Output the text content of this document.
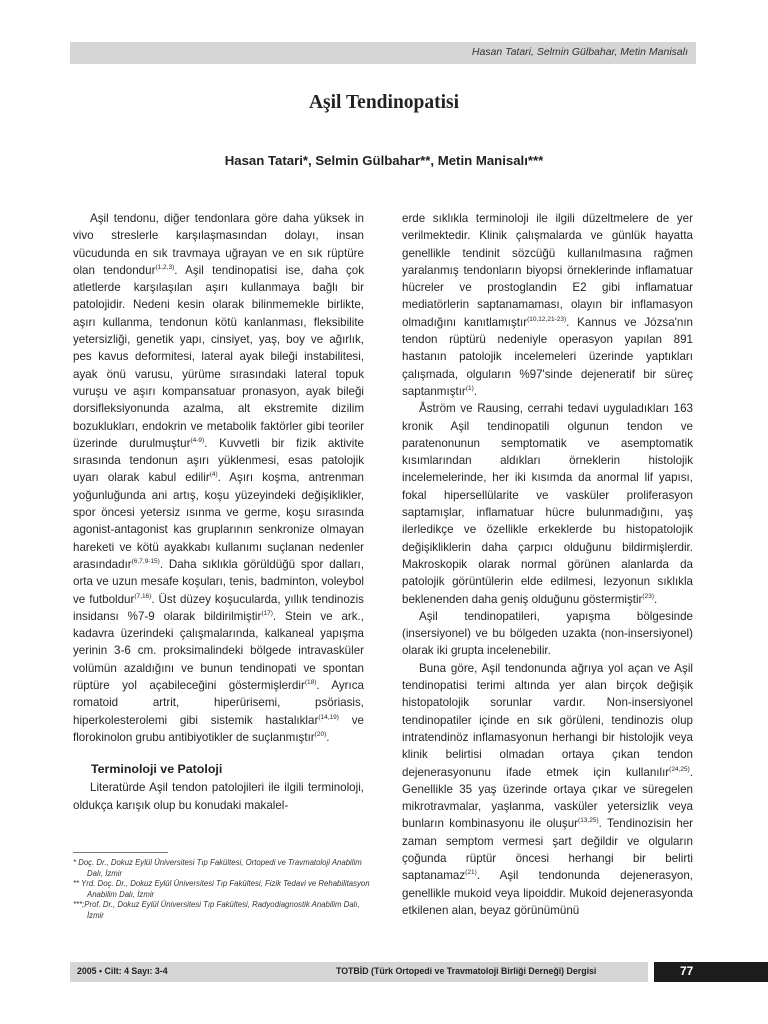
Hasan Tatari, Selmin Gülbahar, Metin Manisalı
Aşil Tendinopatisi
Hasan Tatari*, Selmin Gülbahar**, Metin Manisalı***

Aşil tendonu, diğer tendonlara göre daha yüksek in vivo streslerle karşılaşmasından dolayı, insan vücudunda en sık travmaya uğrayan ve en sık rüptüre olan tendondur$^{(1,2,3)}$. Aşil tendinopatisi ise, daha çok atletlerde karşılaşılan aşırı kullanmaya bağlı bir patolojidir. Nedeni kesin olarak bilinmemekle birlikte, aşırı kullanma, tendonun kötü kanlanması, fleksibilite yetersizliği, genetik yapı, cinsiyet, yaş, boy ve ağırlık, pes kavus deformitesi, lateral ayak bileği instabilitesi, ayak önü varusu, yürüme sırasındaki lateral topuk vuruşu ve aşırı kompansatuar pronasyon, ayak bileği dorsifleksiyonunda azalma, alt ekstremite dizilim bozuklukları, endokrin ve metabolik faktörler gibi teoriler üzerinde durulmuştur$^{(4-9)}$. Kuvvetli bir fizik aktivite sırasında tendonun aşırı yüklenmesi, esas patolojik uyarı olarak kabul edilir$^{(4)}$. Aşırı koşma, antrenman yoğunluğunda ani artış, koşu yüzeyindeki değişiklikler, spor öncesi yetersiz ısınma ve germe, koşu sırasında agonist-antagonist kas gruplarının senkronize olmayan hareketi ve kötü ayakkabı kullanımı suçlanan nedenler arasındadır$^{(6,7,9-15)}$. Daha sıklıkla görüldüğü spor dalları, orta ve uzun mesafe koşuları, tenis, badminton, voleybol ve futboldur$^{(7,16)}$. Üst düzey koşucularda, yıllık tendinozis insidansı %7-9 olarak bildirilmiştir$^{(17)}$. Stein ve ark., kadavra üzerindeki çalışmalarında, kalkaneal yapışma yerinin 3-6 cm. proksimalindeki bölgede intravasküler volümün azaldığını ve bunun tendinopati ve spontan rüptüre yol açabileceğini göstermişlerdir$^{(18)}$. Ayrıca romatoid artrit, hiperürisemi, psöriasis, hiperkolesterolemi gibi sistemik hastalıklar$^{(14,19)}$ ve florokinolon grubu antibiyotikler de suçlanmıştır$^{(20)}$.

Terminoloji ve Patoloji

Literatürde Aşil tendon patolojileri ile ilgili terminoloji, oldukça karışık olup bu konudaki makalel-

erde sıklıkla terminoloji ile ilgili düzeltmelere de yer verilmektedir. Klinik çalışmalarda ve günlük hayatta genellikle tendinit sözcüğü kullanılmasına rağmen yaralanmış tendonların biyopsi örneklerinde inflamatuar hücreler ve prostoglandin E2 gibi inflamatuar mediatörlerin saptanamaması, olayın bir inflamasyon olmadığını kanıtlamıştır$^{(10,12,21-23)}$. Kannus ve Józsa'nın tendon rüptürü nedeniyle operasyon yapılan 891 hastanın patolojik incelemeleri üzerinde yaptıkları çalışmada, olguların %97'sinde dejeneratif bir süreç saptanmıştır$^{(1)}$.

Åström ve Rausing, cerrahi tedavi uyguladıkları 163 kronik Aşil tendinopatili olgunun tendon ve paratenonunun semptomatik ve asemptomatik kısımlarından aldıkları örneklerin histolojik incelemelerinde, her iki kısımda da anormal lif yapısı, fokal hipersellülarite ve vasküler proliferasyon saptamışlar, inflamatuar hücre bulunmadığını, yaş ilerledikçe ve özellikle erkeklerde bu histopatolojik değişikliklerin daha çarpıcı olduğunu bildirmişlerdir. Makroskopik olarak normal görünen alanlarda da patolojik görüntülerin elde edilmesi, lezyonun sıklıkla beklenenden daha geniş olduğunu göstermiştir$^{(23)}$.

Aşil tendinopatileri, yapışma bölgesinde (insersiyonel) ve bu bölgeden uzakta (non-insersiyonel) olarak iki grupta incelenebilir.

Buna göre, Aşil tendonunda ağrıya yol açan ve Aşil tendinopatisi terimi altında yer alan birçok değişik histopatolojik sorunlar vardır. Non-insersiyonel tendinopatiler içinde en sık görüleni, tendinozis olup intratendinöz inflamasyonun herhangi bir histolojik veya klinik belirtisi olmadan ortaya çıkan tendon dejenerasyonunu ifade etmek için kullanılır$^{(24,25)}$. Genellikle 35 yaş üzerinde ortaya çıkar ve süregelen mikrotravmalar, yaşlanma, vasküler yetersizlik veya bunların kombinasyonu ile oluşur$^{(13,25)}$. Tendinozisin her zaman semptom vermesi şart değildir ve olguların çoğunda rüptür öncesi herhangi bir belirti saptanamaz$^{(21)}$. Aşil tendonunda dejenerasyon, genellikle mukoid veya lipoiddir. Mukoid dejenerasyonda etkilenen alan, beyaz görünümünü

* Doç. Dr., Dokuz Eylül Üniversitesi Tıp Fakültesi, Ortopedi ve Travmatoloji Anabilim Dalı, İzmir
** Yrd. Doç. Dr., Dokuz Eylül Üniversitesi Tıp Fakültesi, Fizik Tedavi ve Rehabilitasyon Anabilim Dalı, İzmir
***;Prof. Dr., Dokuz Eylül Üniversitesi Tıp Fakültesi, Radyodiagnostik Anabilim Dalı, İzmir
2005 • Cilt: 4 Sayı: 3-4	TOTBİD (Türk Ortopedi ve Travmatoloji Birliği Derneği) Dergisi	77
